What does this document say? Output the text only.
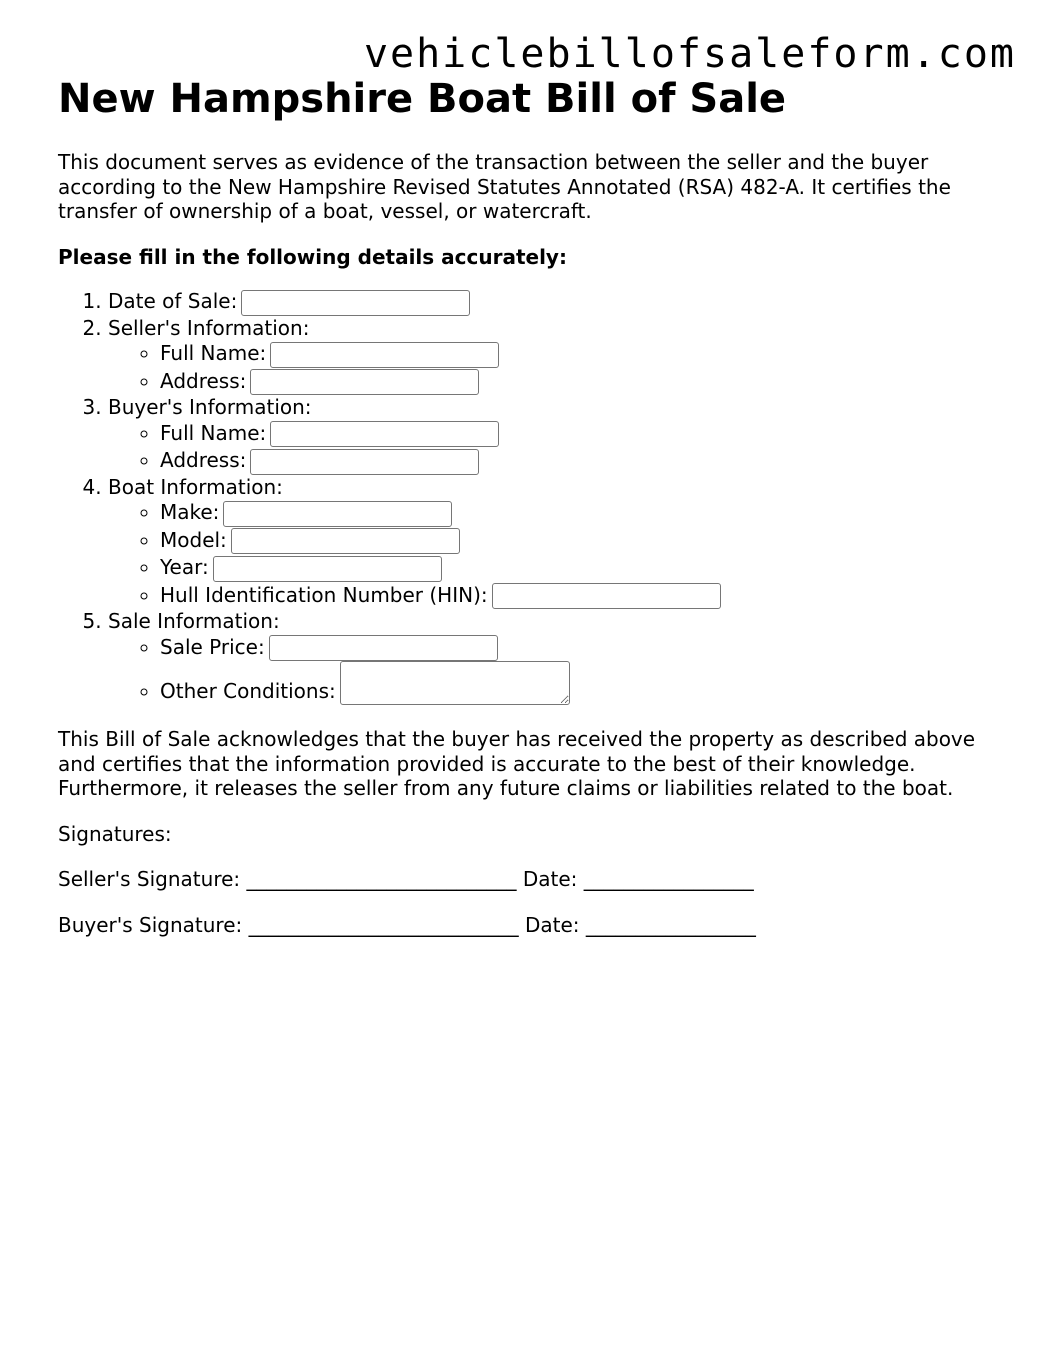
vehiclebillofsaleform.com
New Hampshire Boat Bill of Sale

This document serves as evidence of the transaction between the seller and the buyer according to the New Hampshire Revised Statutes Annotated (RSA) 482-A. It certifies the transfer of ownership of a boat, vessel, or watercraft.

Please fill in the following details accurately:

1. Date of Sale:
2. Seller's Information:
◦ Full Name:
◦ Address:
3. Buyer's Information:
◦ Full Name:
◦ Address:
4. Boat Information:
◦ Make:
◦ Model:
◦ Year:
◦ Hull Identification Number (HIN):
5. Sale Information:
◦ Sale Price:
◦ Other Conditions:

This Bill of Sale acknowledges that the buyer has received the property as described above and certifies that the information provided is accurate to the best of their knowledge. Furthermore, it releases the seller from any future claims or liabilities related to the boat.

Signatures:

Seller's Signature: ___________________________ Date: _________________

Buyer's Signature: ___________________________ Date: _________________
